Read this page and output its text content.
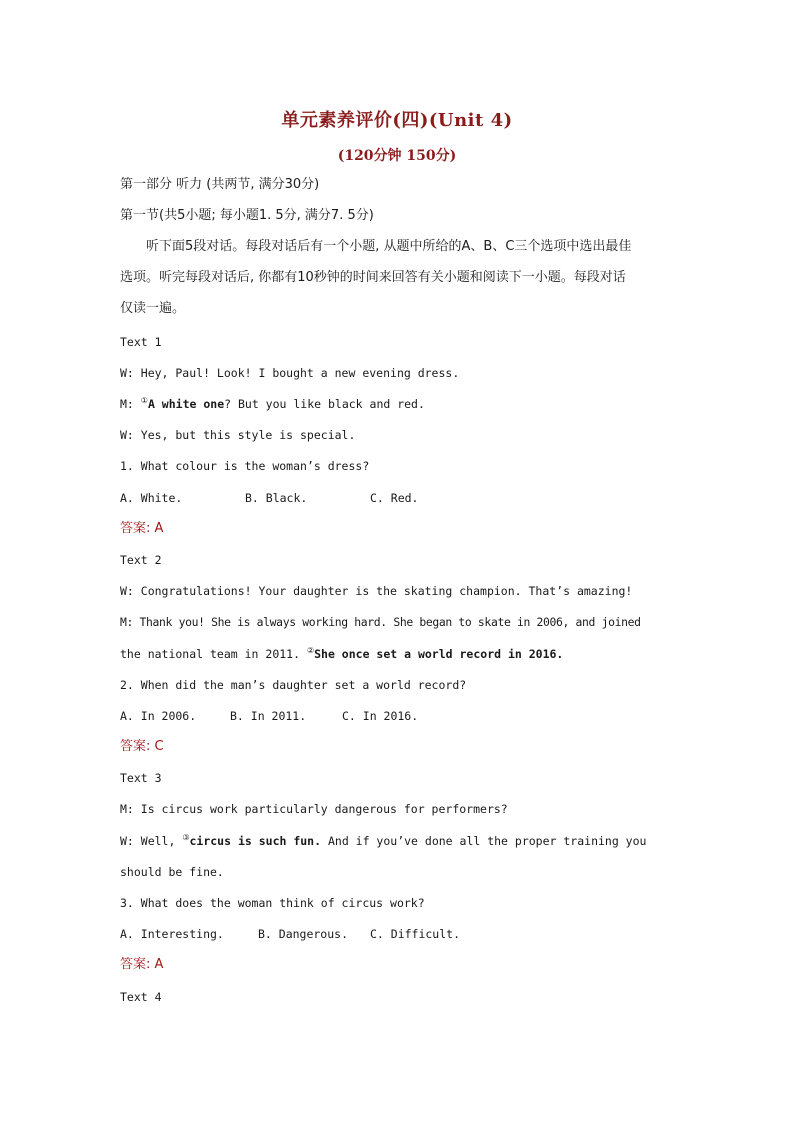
单元素养评价(四)(Unit 4)
(120分钟 150分)
第一部分 听力 (共两节, 满分30分)
第一节(共5小题; 每小题1. 5分, 满分7. 5分)
听下面5段对话。每段对话后有一个小题, 从题中所给的A、B、C三个选项中选出最佳
选项。听完每段对话后, 你都有10秒钟的时间来回答有关小题和阅读下一小题。每段对话
仅读一遍。
Text 1
W: Hey, Paul! Look! I bought a new evening dress.
M: ①A white one? But you like black and red.
W: Yes, but this style is special.
1. What colour is the woman’s dress?
A. White.	B. Black.	C. Red.
答案: A
Text 2
W: Congratulations! Your daughter is the skating champion. That’s amazing!
M: Thank you! She is always working hard. She began to skate in 2006, and joined
the national team in 2011. ②She once set a world record in 2016.
2. When did the man’s daughter set a world record?
A. In 2006.	B. In 2011.	C. In 2016.
答案: C
Text 3
M: Is circus work particularly dangerous for performers?
W: Well, ③circus is such fun. And if you’ve done all the proper training you
should be fine.
3. What does the woman think of circus work?
A. Interesting.	B. Dangerous. C. Difficult.
答案: A
Text 4
